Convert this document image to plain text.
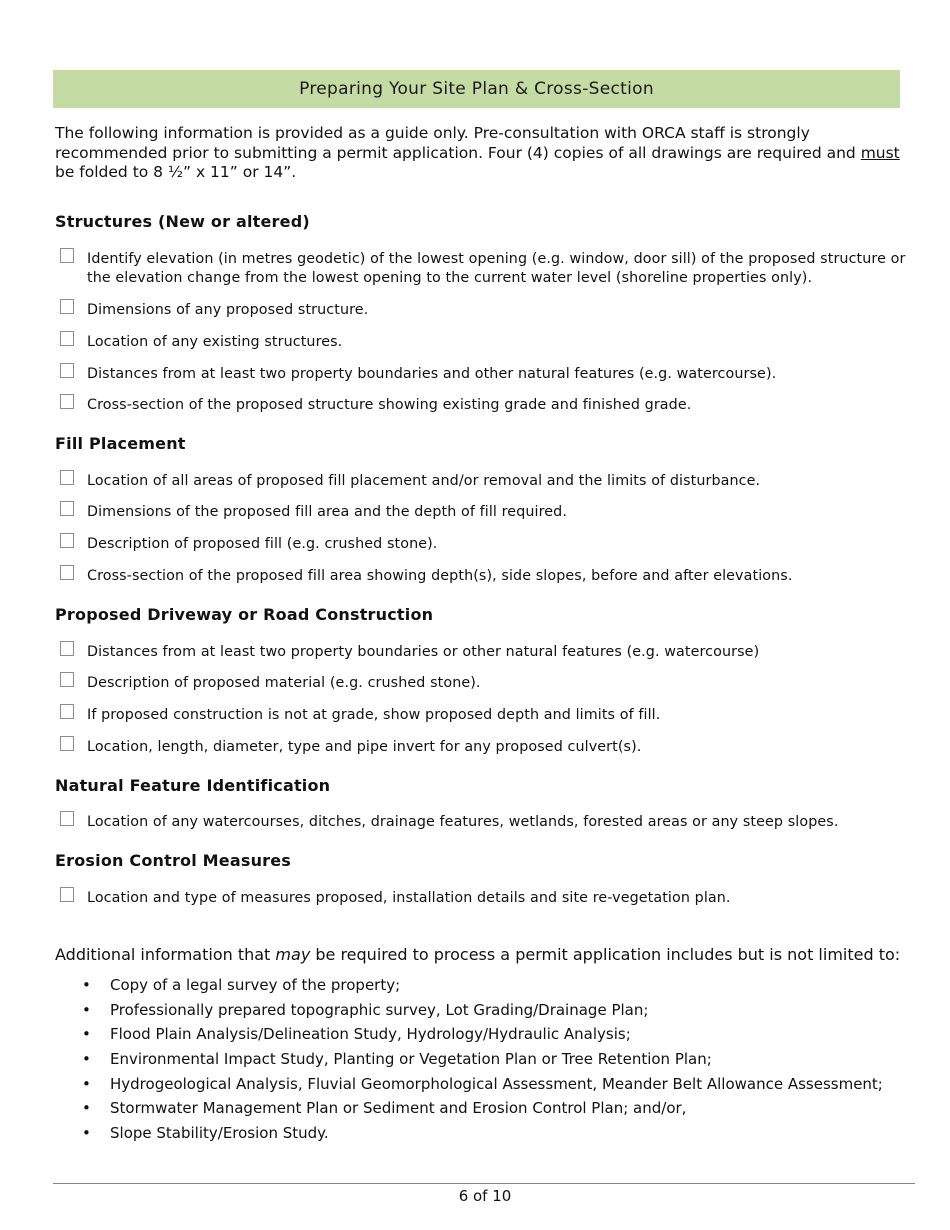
Preparing Your Site Plan & Cross-Section

The following information is provided as a guide only. Pre-consultation with ORCA staff is strongly recommended prior to submitting a permit application. Four (4) copies of all drawings are required and must be folded to 8 ½” x 11” or 14”.

Structures (New or altered)
Identify elevation (in metres geodetic) of the lowest opening (e.g. window, door sill) of the proposed structure or the elevation change from the lowest opening to the current water level (shoreline properties only).
Dimensions of any proposed structure.
Location of any existing structures.
Distances from at least two property boundaries and other natural features (e.g. watercourse).
Cross-section of the proposed structure showing existing grade and finished grade.
Fill Placement
Location of all areas of proposed fill placement and/or removal and the limits of disturbance.
Dimensions of the proposed fill area and the depth of fill required.
Description of proposed fill (e.g. crushed stone).
Cross-section of the proposed fill area showing depth(s), side slopes, before and after elevations.
Proposed Driveway or Road Construction
Distances from at least two property boundaries or other natural features (e.g. watercourse)
Description of proposed material (e.g. crushed stone).
If proposed construction is not at grade, show proposed depth and limits of fill.
Location, length, diameter, type and pipe invert for any proposed culvert(s).
Natural Feature Identification
Location of any watercourses, ditches, drainage features, wetlands, forested areas or any steep slopes.
Erosion Control Measures
Location and type of measures proposed, installation details and site re-vegetation plan.

Additional information that may be required to process a permit application includes but is not limited to:

•	Copy of a legal survey of the property;
•	Professionally prepared topographic survey, Lot Grading/Drainage Plan;
•	Flood Plain Analysis/Delineation Study, Hydrology/Hydraulic Analysis;
•	Environmental Impact Study, Planting or Vegetation Plan or Tree Retention Plan;
•	Hydrogeological Analysis, Fluvial Geomorphological Assessment, Meander Belt Allowance Assessment;
•	Stormwater Management Plan or Sediment and Erosion Control Plan; and/or,
•	Slope Stability/Erosion Study.
6 of 10
